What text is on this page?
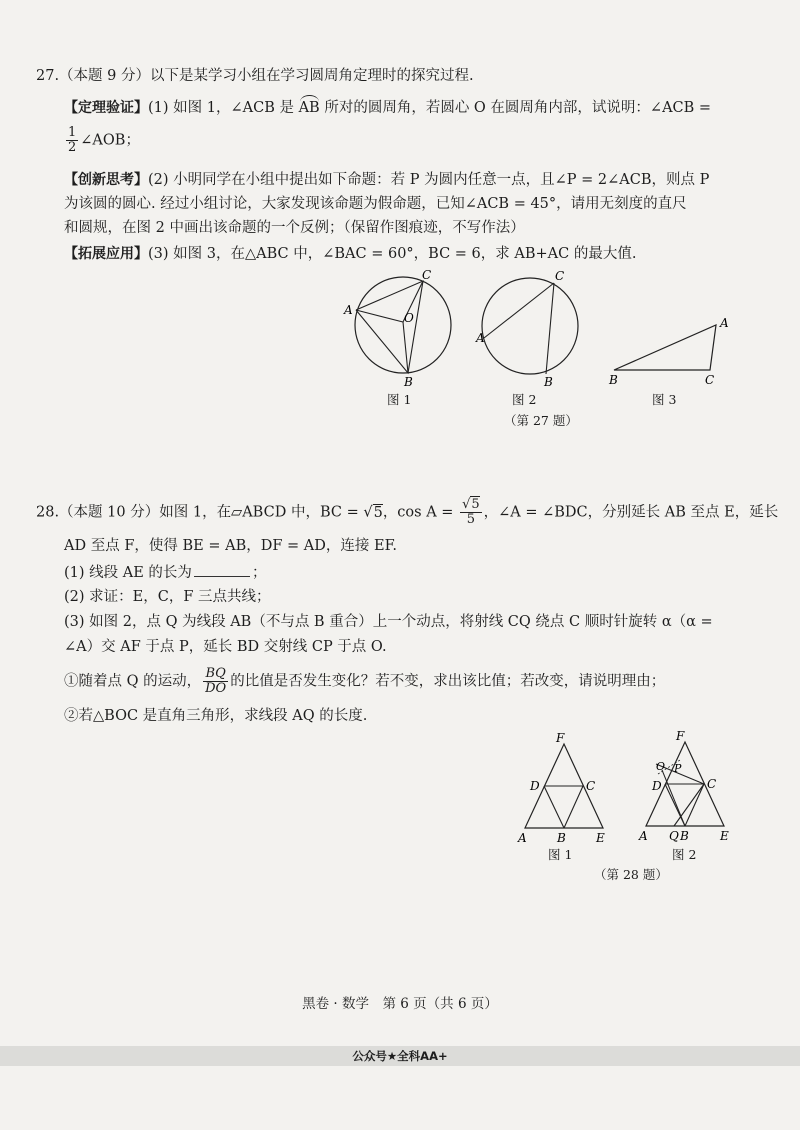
27.（本题 9 分）以下是某学习小组在学习圆周角定理时的探究过程.
【定理验证】(1) 如图 1，∠ACB 是 AB 所对的圆周角，若圆心 O 在圆周角内部，试说明：∠ACB =
$\frac{1}{2}$ ∠AOB；
【创新思考】(2) 小明同学在小组中提出如下命题：若 P 为圆内任意一点，且∠P = 2∠ACB，则点 P
为该圆的圆心. 经过小组讨论，大家发现该命题为假命题，已知∠ACB = 45°，请用无刻度的直尺
和圆规，在图 2 中画出该命题的一个反例；（保留作图痕迹，不写作法）
【拓展应用】(3) 如图 3，在△ABC 中，∠BAC = 60°，BC = 6，求 AB+AC 的最大值.
A
C
O
B
图 1
A
C
B
图 2
A
B	C
图 3
（第 27 题）
28.（本题 10 分）如图 1，在▱ABCD 中，BC = √5，$\cos A = \frac{√5}{5}$ ，∠A = ∠BDC，分别延长 AB 至点 E，延长
AD 至点 F，使得 BE = AB，DF = AD，连接 EF.
(1) 线段 AE 的长为	；
(2) 求证：E，C，F 三点共线；
(3) 如图 2，点 Q 为线段 AB（不与点 B 重合）上一个动点，将射线 CQ 绕点 C 顺时针旋转 α（α =
∠A）交 AF 于点 P，延长 BD 交射线 CP 于点 O.
①随着点 Q 的运动， $\frac{BQ}{DO}$ 的比值是否发生变化？若不变，求出该比值；若改变，请说明理由；
②若△BOC 是直角三角形，求线段 AQ 的长度.
F
D	C
A	B	E
图 1
F
O P
D	C
A Q B	E
图 2
（第 28 题）
黑卷 · 数学　第 6 页（共 6 页）
公众号★全科AA+
